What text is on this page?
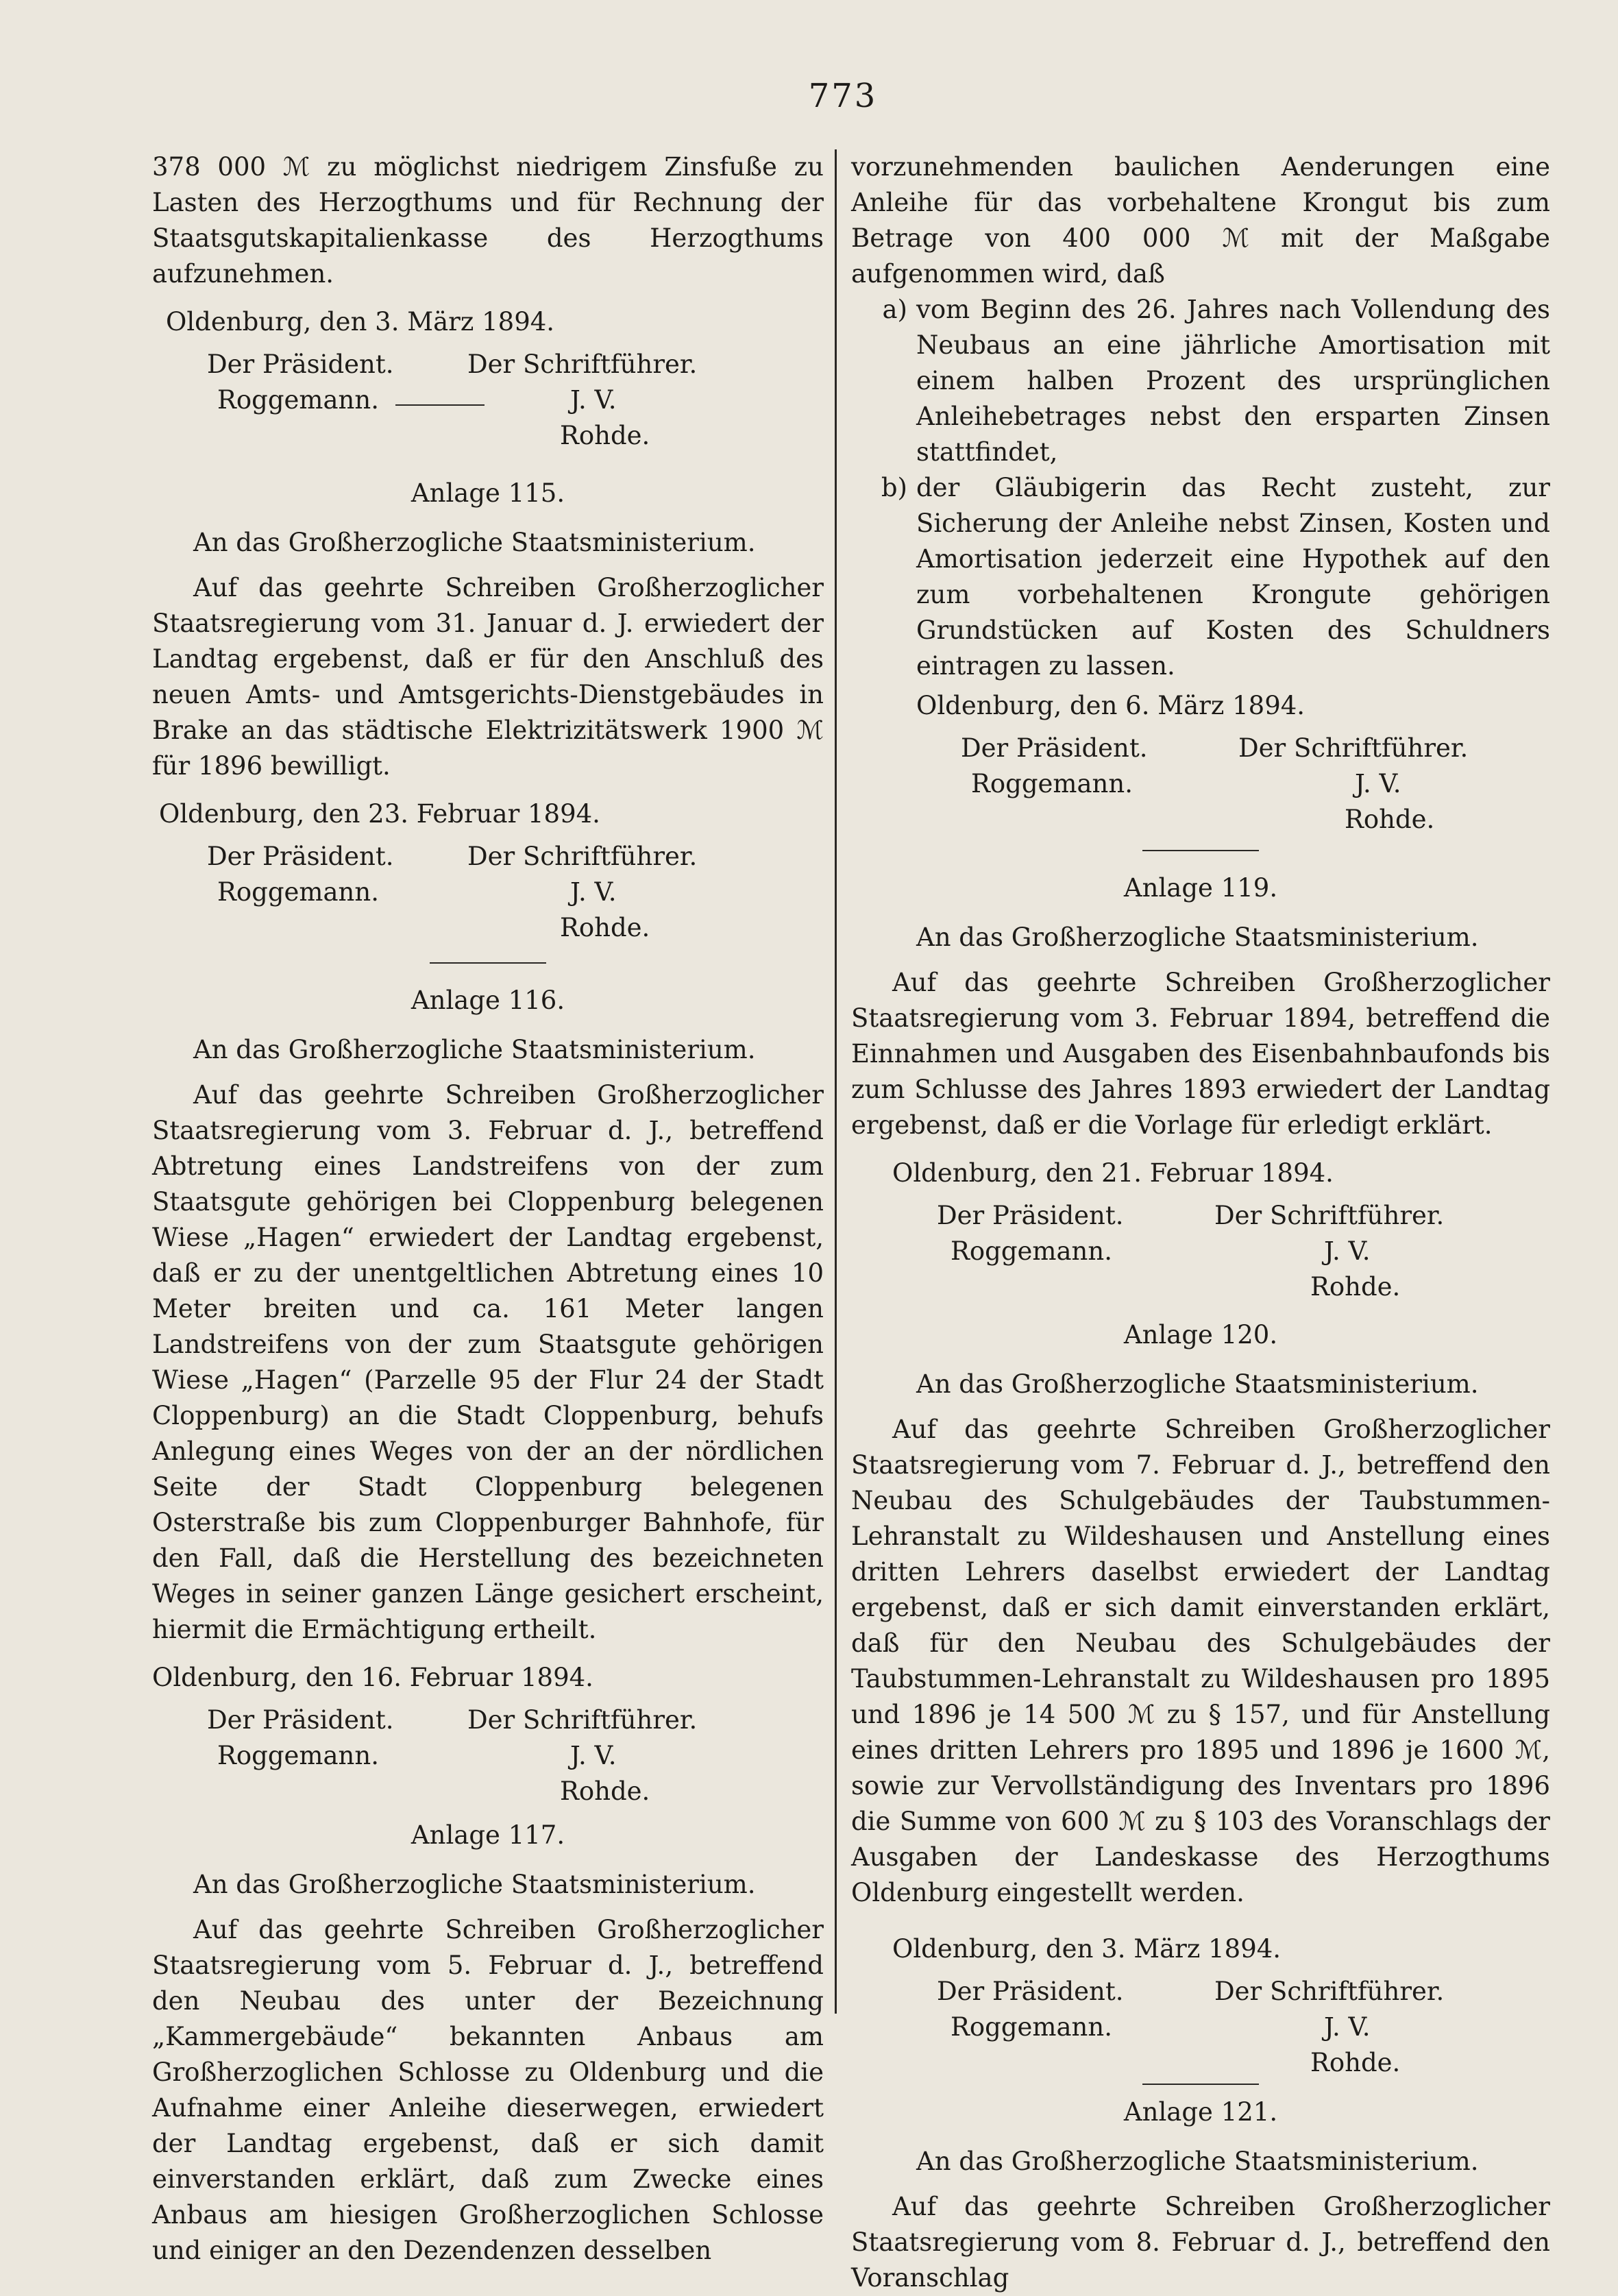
773

378 000 ℳ zu möglichst niedrigem Zinsfuße zu Lasten des Herzogthums und für Rechnung der Staatsgutskapitalienkasse des Herzogthums aufzunehmen.

Oldenburg, den 3. März 1894.
Der Präsident.
Roggemann.
Der Schriftführer.
J. V.
Rohde.
Anlage 115.
An das Großherzogliche Staatsministerium.

Auf das geehrte Schreiben Großherzoglicher Staatsregierung vom 31. Januar d. J. erwiedert der Landtag ergebenst, daß er für den Anschluß des neuen Amts- und Amtsgerichts-Dienstgebäudes in Brake an das städtische Elektrizitätswerk 1900 ℳ für 1896 bewilligt.

Oldenburg, den 23. Februar 1894.
Der Präsident.
Roggemann.
Der Schriftführer.
J. V.
Rohde.
Anlage 116.
An das Großherzogliche Staatsministerium.

Auf das geehrte Schreiben Großherzoglicher Staatsregierung vom 3. Februar d. J., betreffend Abtretung eines Landstreifens von der zum Staatsgute gehörigen bei Cloppenburg belegenen Wiese „Hagen“ erwiedert der Landtag ergebenst, daß er zu der unentgeltlichen Abtretung eines 10 Meter breiten und ca. 161 Meter langen Landstreifens von der zum Staatsgute gehörigen Wiese „Hagen“ (Parzelle 95 der Flur 24 der Stadt Cloppenburg) an die Stadt Cloppenburg, behufs Anlegung eines Weges von der an der nördlichen Seite der Stadt Cloppenburg belegenen Osterstraße bis zum Cloppenburger Bahnhofe, für den Fall, daß die Herstellung des bezeichneten Weges in seiner ganzen Länge gesichert erscheint, hiermit die Ermächtigung ertheilt.

Oldenburg, den 16. Februar 1894.
Der Präsident.
Roggemann.
Der Schriftführer.
J. V.
Rohde.
Anlage 117.
An das Großherzogliche Staatsministerium.

Auf das geehrte Schreiben Großherzoglicher Staatsregierung vom 5. Februar d. J., betreffend den Neubau des unter der Bezeichnung „Kammergebäude“ bekannten Anbaus am Großherzoglichen Schlosse zu Oldenburg und die Aufnahme einer Anleihe dieserwegen, erwiedert der Landtag ergebenst, daß er sich damit einverstanden erklärt, daß zum Zwecke eines Anbaus am hiesigen Großherzoglichen Schlosse und einiger an den Dezendenzen desselben

vorzunehmenden baulichen Aenderungen eine Anleihe für das vorbehaltene Krongut bis zum Betrage von 400 000 ℳ mit der Maßgabe aufgenommen wird, daß

a) vom Beginn des 26. Jahres nach Vollendung des Neubaus an eine jährliche Amortisation mit einem halben Prozent des ursprünglichen Anleihebetrages nebst den ersparten Zinsen stattfindet,
b) der Gläubigerin das Recht zusteht, zur Sicherung der Anleihe nebst Zinsen, Kosten und Amortisation jederzeit eine Hypothek auf den zum vorbehaltenen Krongute gehörigen Grundstücken auf Kosten des Schuldners eintragen zu lassen.
Oldenburg, den 6. März 1894.
Der Präsident.
Roggemann.
Der Schriftführer.
J. V.
Rohde.
Anlage 119.
An das Großherzogliche Staatsministerium.

Auf das geehrte Schreiben Großherzoglicher Staatsregierung vom 3. Februar 1894, betreffend die Einnahmen und Ausgaben des Eisenbahnbaufonds bis zum Schlusse des Jahres 1893 erwiedert der Landtag ergebenst, daß er die Vorlage für erledigt erklärt.

Oldenburg, den 21. Februar 1894.
Der Präsident.
Roggemann.
Der Schriftführer.
J. V.
Rohde.
Anlage 120.
An das Großherzogliche Staatsministerium.

Auf das geehrte Schreiben Großherzoglicher Staatsregierung vom 7. Februar d. J., betreffend den Neubau des Schulgebäudes der Taubstummen-Lehranstalt zu Wildeshausen und Anstellung eines dritten Lehrers daselbst erwiedert der Landtag ergebenst, daß er sich damit einverstanden erklärt, daß für den Neubau des Schulgebäudes der Taubstummen-Lehranstalt zu Wildeshausen pro 1895 und 1896 je 14 500 ℳ zu § 157, und für Anstellung eines dritten Lehrers pro 1895 und 1896 je 1600 ℳ, sowie zur Vervollständigung des Inventars pro 1896 die Summe von 600 ℳ zu § 103 des Voranschlags der Ausgaben der Landeskasse des Herzogthums Oldenburg eingestellt werden.

Oldenburg, den 3. März 1894.
Der Präsident.
Roggemann.
Der Schriftführer.
J. V.
Rohde.
Anlage 121.
An das Großherzogliche Staatsministerium.

Auf das geehrte Schreiben Großherzoglicher Staatsregierung vom 8. Februar d. J., betreffend den Voranschlag
